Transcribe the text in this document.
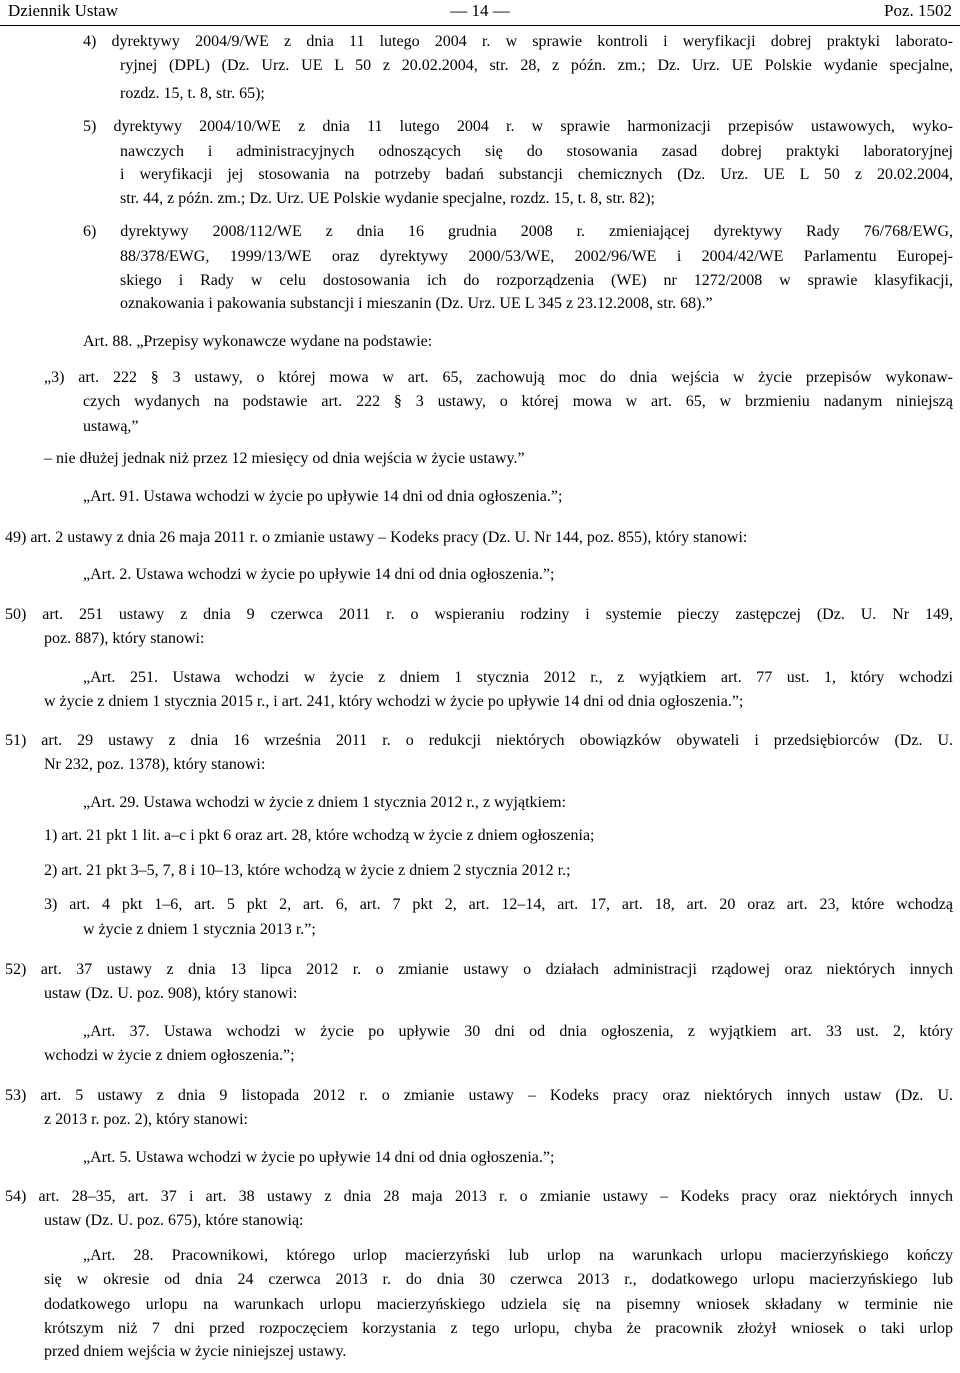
Dziennik Ustaw	— 14 —	Poz. 1502
4) dyrektywy 2004/9/WE z dnia 11 lutego 2004 r. w sprawie kontroli i weryfikacji dobrej praktyki laborato-
ryjnej (DPL) (Dz. Urz. UE L 50 z 20.02.2004, str. 28, z późn. zm.; Dz. Urz. UE Polskie wydanie specjalne,
rozdz. 15, t. 8, str. 65);
5) dyrektywy 2004/10/WE z dnia 11 lutego 2004 r. w sprawie harmonizacji przepisów ustawowych, wyko-
nawczych i administracyjnych odnoszących się do stosowania zasad dobrej praktyki laboratoryjnej
i weryfikacji jej stosowania na potrzeby badań substancji chemicznych (Dz. Urz. UE L 50 z 20.02.2004,
str. 44, z późn. zm.; Dz. Urz. UE Polskie wydanie specjalne, rozdz. 15, t. 8, str. 82);
6) dyrektywy 2008/112/WE z dnia 16 grudnia 2008 r. zmieniającej dyrektywy Rady 76/768/EWG,
88/378/EWG, 1999/13/WE oraz dyrektywy 2000/53/WE, 2002/96/WE i 2004/42/WE Parlamentu Europej-
skiego i Rady w celu dostosowania ich do rozporządzenia (WE) nr 1272/2008 w sprawie klasyfikacji,
oznakowania i pakowania substancji i mieszanin (Dz. Urz. UE L 345 z 23.12.2008, str. 68).”
Art. 88. „Przepisy wykonawcze wydane na podstawie:
„3) art. 222 § 3 ustawy, o której mowa w art. 65, zachowują moc do dnia wejścia w życie przepisów wykonaw-
czych wydanych na podstawie art. 222 § 3 ustawy, o której mowa w art. 65, w brzmieniu nadanym niniejszą
ustawą,”
– nie dłużej jednak niż przez 12 miesięcy od dnia wejścia w życie ustawy.”
„Art. 91. Ustawa wchodzi w życie po upływie 14 dni od dnia ogłoszenia.”;
49) art. 2 ustawy z dnia 26 maja 2011 r. o zmianie ustawy – Kodeks pracy (Dz. U. Nr 144, poz. 855), który stanowi:
„Art. 2. Ustawa wchodzi w życie po upływie 14 dni od dnia ogłoszenia.”;
50) art. 251 ustawy z dnia 9 czerwca 2011 r. o wspieraniu rodziny i systemie pieczy zastępczej (Dz. U. Nr 149,
poz. 887), który stanowi:
„Art. 251. Ustawa wchodzi w życie z dniem 1 stycznia 2012 r., z wyjątkiem art. 77 ust. 1, który wchodzi
w życie z dniem 1 stycznia 2015 r., i art. 241, który wchodzi w życie po upływie 14 dni od dnia ogłoszenia.”;
51) art. 29 ustawy z dnia 16 września 2011 r. o redukcji niektórych obowiązków obywateli i przedsiębiorców (Dz. U.
Nr 232, poz. 1378), który stanowi:
„Art. 29. Ustawa wchodzi w życie z dniem 1 stycznia 2012 r., z wyjątkiem:
1) art. 21 pkt 1 lit. a–c i pkt 6 oraz art. 28, które wchodzą w życie z dniem ogłoszenia;
2) art. 21 pkt 3–5, 7, 8 i 10–13, które wchodzą w życie z dniem 2 stycznia 2012 r.;
3) art. 4 pkt 1–6, art. 5 pkt 2, art. 6, art. 7 pkt 2, art. 12–14, art. 17, art. 18, art. 20 oraz art. 23, które wchodzą
w życie z dniem 1 stycznia 2013 r.”;
52) art. 37 ustawy z dnia 13 lipca 2012 r. o zmianie ustawy o działach administracji rządowej oraz niektórych innych
ustaw (Dz. U. poz. 908), który stanowi:
„Art. 37. Ustawa wchodzi w życie po upływie 30 dni od dnia ogłoszenia, z wyjątkiem art. 33 ust. 2, który
wchodzi w życie z dniem ogłoszenia.”;
53) art. 5 ustawy z dnia 9 listopada 2012 r. o zmianie ustawy – Kodeks pracy oraz niektórych innych ustaw (Dz. U.
z 2013 r. poz. 2), który stanowi:
„Art. 5. Ustawa wchodzi w życie po upływie 14 dni od dnia ogłoszenia.”;
54) art. 28–35, art. 37 i art. 38 ustawy z dnia 28 maja 2013 r. o zmianie ustawy – Kodeks pracy oraz niektórych innych
ustaw (Dz. U. poz. 675), które stanowią:
„Art. 28. Pracownikowi, którego urlop macierzyński lub urlop na warunkach urlopu macierzyńskiego kończy
się w okresie od dnia 24 czerwca 2013 r. do dnia 30 czerwca 2013 r., dodatkowego urlopu macierzyńskiego lub
dodatkowego urlopu na warunkach urlopu macierzyńskiego udziela się na pisemny wniosek składany w terminie nie
krótszym niż 7 dni przed rozpoczęciem korzystania z tego urlopu, chyba że pracownik złożył wniosek o taki urlop
przed dniem wejścia w życie niniejszej ustawy.
